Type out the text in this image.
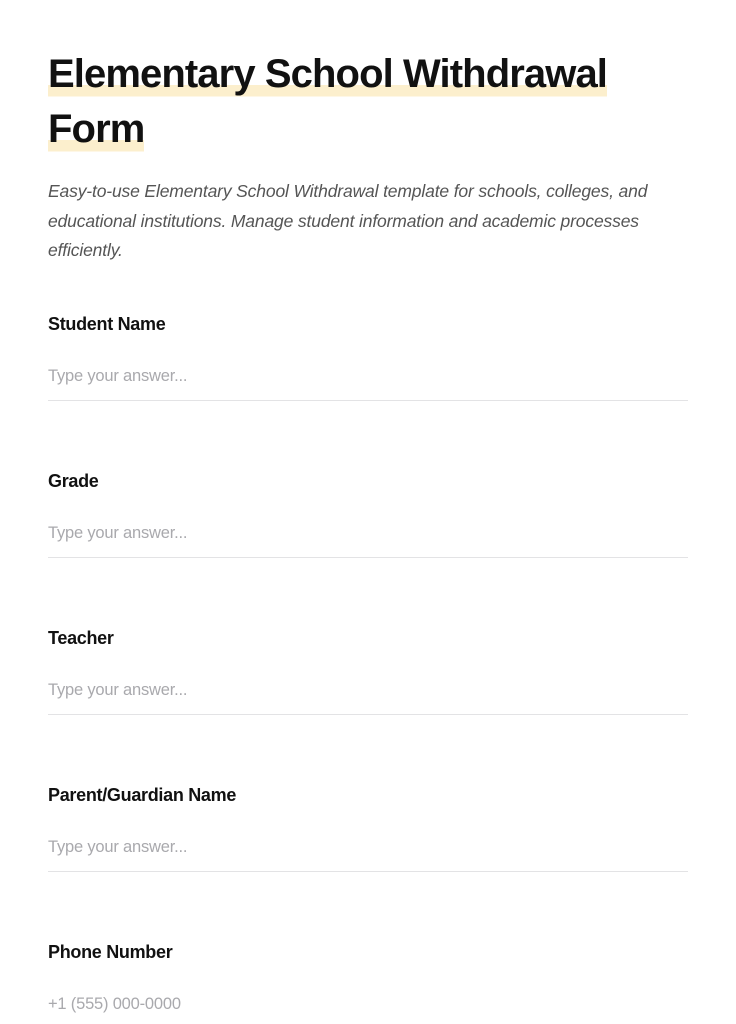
Elementary School Withdrawal
Form

Easy-to-use Elementary School Withdrawal template for schools, colleges, and educational institutions. Manage student information and academic processes efficiently.

Student Name
Type your answer...
Grade
Type your answer...
Teacher
Type your answer...
Parent/Guardian Name
Type your answer...
Phone Number
+1 (555) 000-0000
